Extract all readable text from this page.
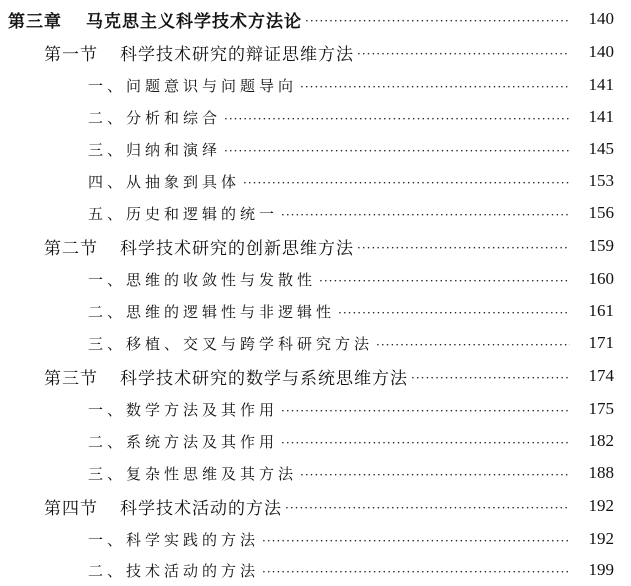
第三章 马克思主义科学技术方法论 ·····	140
第一节 科学技术研究的辩证思维方法 ·····	140
一、问题意识与问题导向 ·····	141
二、分析和综合 ·····	141
三、归纳和演绎 ·····	145
四、从抽象到具体 ·····	153
五、历史和逻辑的统一 ·····	156
第二节 科学技术研究的创新思维方法 ·····	159
一、思维的收敛性与发散性 ·····	160
二、思维的逻辑性与非逻辑性 ·····	161
三、移植、交叉与跨学科研究方法 ·····	171
第三节 科学技术研究的数学与系统思维方法 ·····	174
一、数学方法及其作用 ·····	175
二、系统方法及其作用 ·····	182
三、复杂性思维及其方法 ·····	188
第四节 科学技术活动的方法 ·····	192
一、科学实践的方法 ·····	192
二、技术活动的方法 ·····	199
